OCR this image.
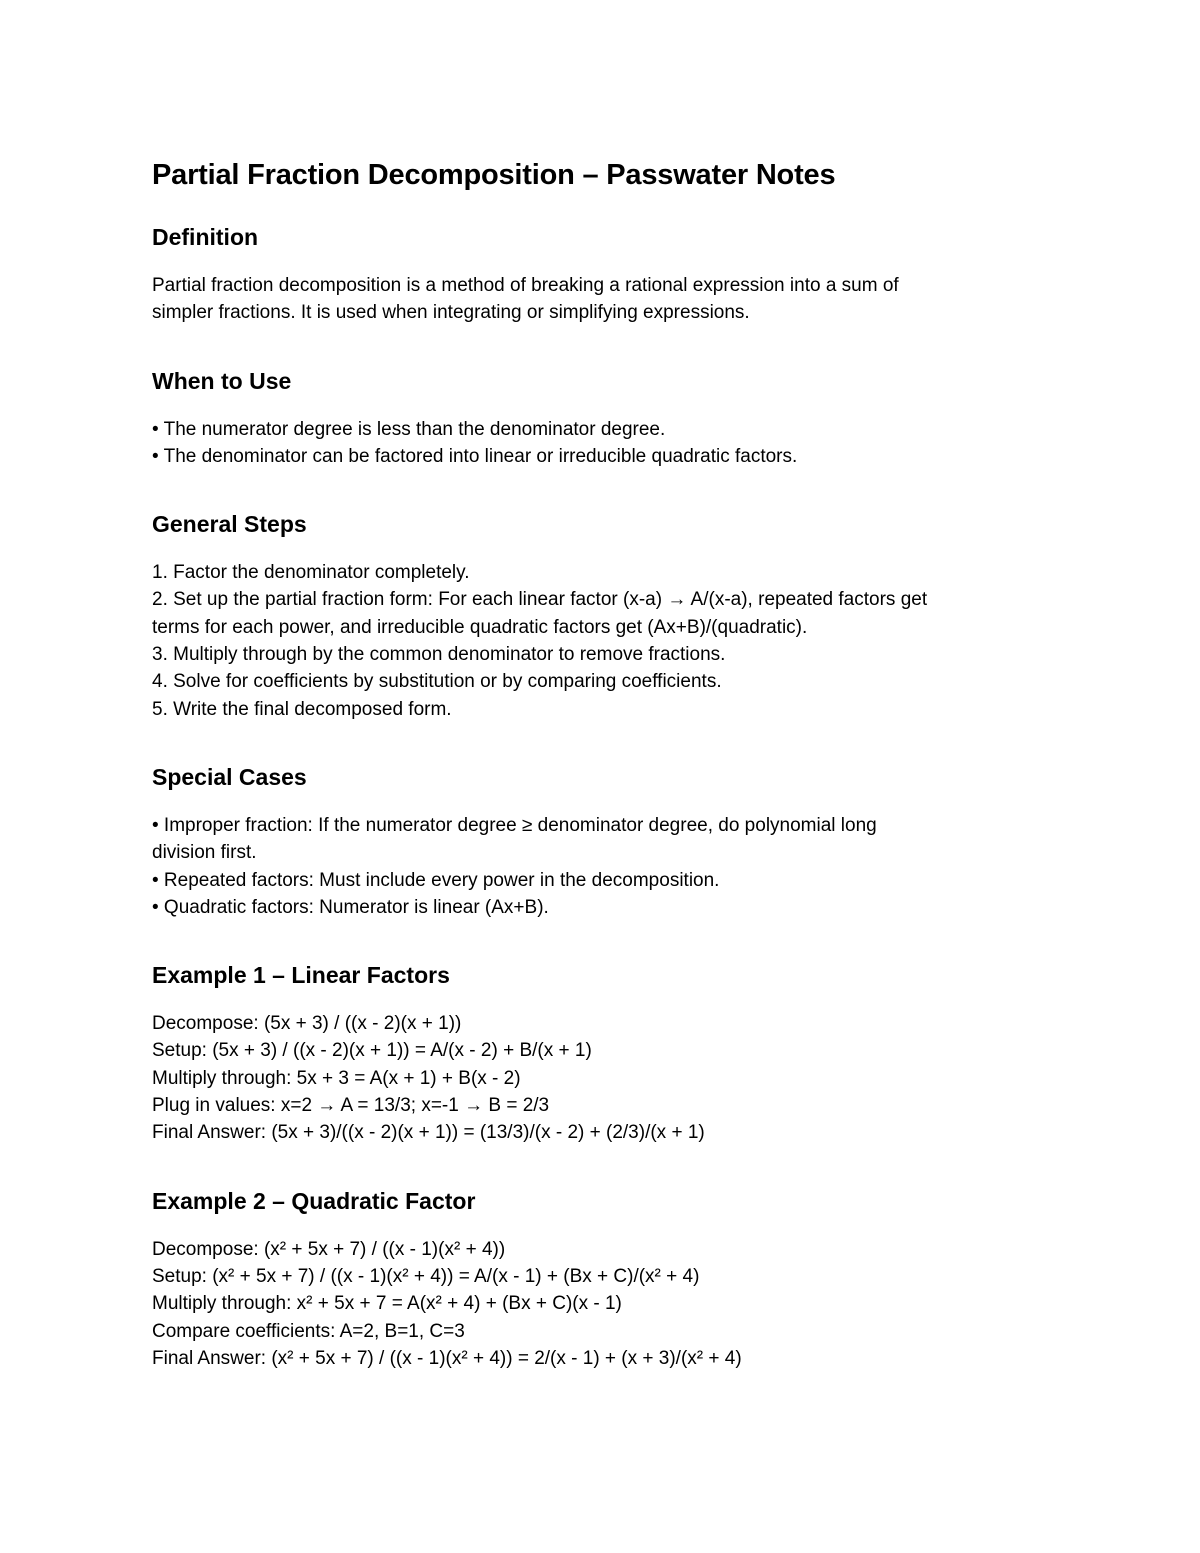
Partial Fraction Decomposition – Passwater Notes
Definition

Partial fraction decomposition is a method of breaking a rational expression into a sum of

simpler fractions. It is used when integrating or simplifying expressions.

When to Use

• The numerator degree is less than the denominator degree.

• The denominator can be factored into linear or irreducible quadratic factors.

General Steps

1. Factor the denominator completely.

2. Set up the partial fraction form: For each linear factor (x-a) → A/(x-a), repeated factors get

terms for each power, and irreducible quadratic factors get (Ax+B)/(quadratic).

3. Multiply through by the common denominator to remove fractions.

4. Solve for coefficients by substitution or by comparing coefficients.

5. Write the final decomposed form.

Special Cases

• Improper fraction: If the numerator degree ≥ denominator degree, do polynomial long

division first.

• Repeated factors: Must include every power in the decomposition.

• Quadratic factors: Numerator is linear (Ax+B).

Example 1 – Linear Factors

Decompose: (5x + 3) / ((x - 2)(x + 1))

Setup: (5x + 3) / ((x - 2)(x + 1)) = A/(x - 2) + B/(x + 1)

Multiply through: 5x + 3 = A(x + 1) + B(x - 2)

Plug in values: x=2 → A = 13/3; x=-1 → B = 2/3

Final Answer: (5x + 3)/((x - 2)(x + 1)) = (13/3)/(x - 2) + (2/3)/(x + 1)

Example 2 – Quadratic Factor

Decompose: (x² + 5x + 7) / ((x - 1)(x² + 4))

Setup: (x² + 5x + 7) / ((x - 1)(x² + 4)) = A/(x - 1) + (Bx + C)/(x² + 4)

Multiply through: x² + 5x + 7 = A(x² + 4) + (Bx + C)(x - 1)

Compare coefficients: A=2, B=1, C=3

Final Answer: (x² + 5x + 7) / ((x - 1)(x² + 4)) = 2/(x - 1) + (x + 3)/(x² + 4)
